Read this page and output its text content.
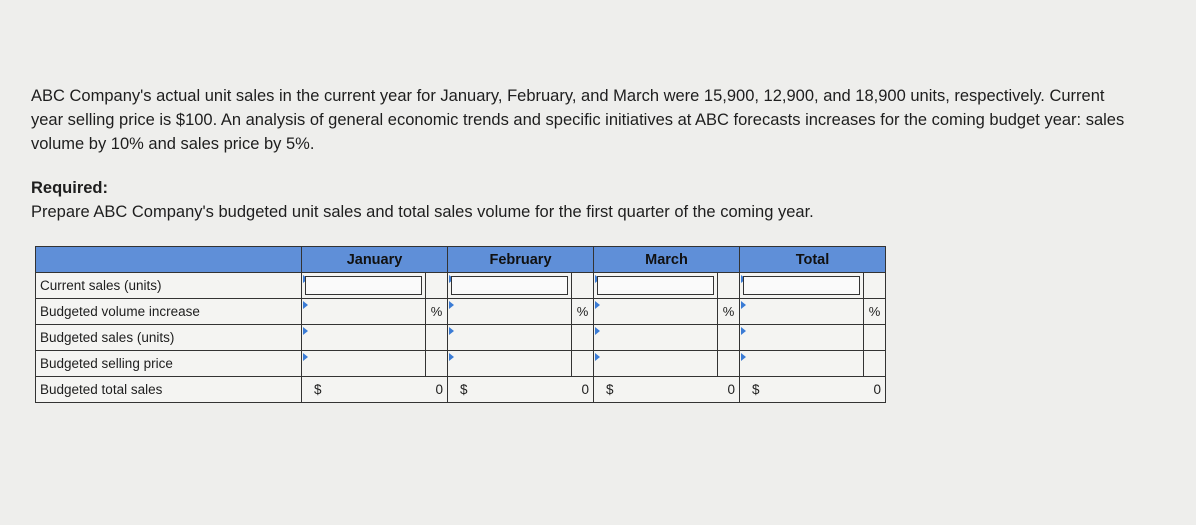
ABC Company's actual unit sales in the current year for January, February, and March were 15,900, 12,900, and 18,900 units, respectively. Current year selling price is $100. An analysis of general economic trends and specific initiatives at ABC forecasts increases for the coming budget year: sales volume by 10% and sales price by 5%.

Required:

Prepare ABC Company's budgeted unit sales and total sales volume for the first quarter of the coming year.

	January		February		March		Total	
Current sales (units)	

Budgeted volume increase		%		%		%		%
Budgeted sales (units)	

Budgeted selling price	

Budgeted total sales	$ 0		$ 0		$ 0		$ 0	
